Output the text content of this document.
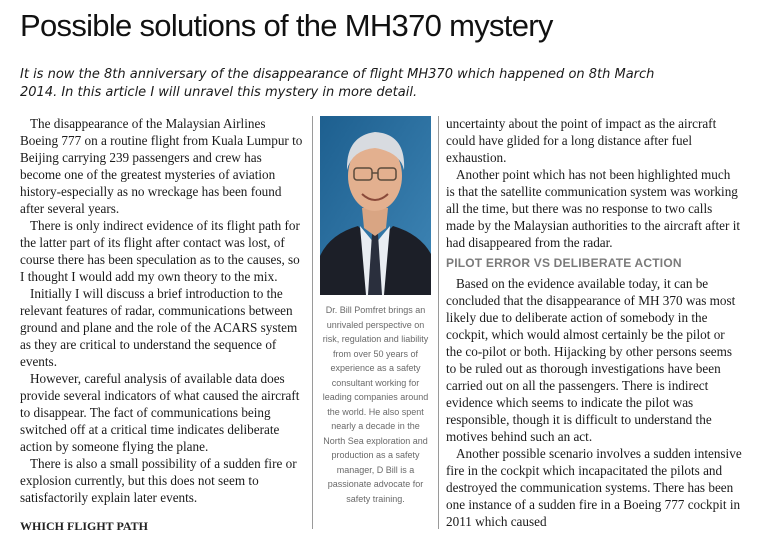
Possible solutions of the MH370 mystery
It is now the 8th anniversary of the disappearance of flight MH370 which happened on 8th March 2014. In this article I will unravel this mystery in more detail.

The disappearance of the Malaysian Airlines Boeing 777 on a routine flight from Kuala Lumpur to Beijing carrying 239 passengers and crew has become one of the greatest mysteries of aviation history-especially as no wreckage has been found after several years.

There is only indirect evidence of its flight path for the latter part of its flight after contact was lost, of course there has been speculation as to the causes, so I thought I would add my own theory to the mix.

Initially I will discuss a brief introduction to the relevant features of radar, communications between ground and plane and the role of the ACARS system as they are critical to understand the sequence of events.

However, careful analysis of available data does provide several indicators of what caused the aircraft to disappear. The fact of communications being switched off at a critical time indicates deliberate action by someone flying the plane.

There is also a small possibility of a sudden fire or explosion currently, but this does not seem to satisfactorily explain later events.

WHICH FLIGHT PATH
Dr. Bill Pomfret brings an unrivaled perspective on risk, regulation and liability from over 50 years of experience as a safety consultant working for leading companies around the world. He also spent nearly a decade in the North Sea exploration and production as a safety manager, D Bill is a passionate advocate for safety training.

uncertainty about the point of impact as the aircraft could have glided for a long distance after fuel exhaustion.

Another point which has not been highlighted much is that the satellite communication system was working all the time, but there was no response to two calls made by the Malaysian authorities to the aircraft after it had disappeared from the radar.

PILOT ERROR VS DELIBERATE ACTION

Based on the evidence available today, it can be concluded that the disappearance of MH 370 was most likely due to deliberate action of somebody in the cockpit, which would almost certainly be the pilot or the co-pilot or both. Hijacking by other persons seems to be ruled out as thorough investigations have been carried out on all the passengers. There is indirect evidence which seems to indicate the pilot was responsible, though it is difficult to understand the motives behind such an act.

Another possible scenario involves a sudden intensive fire in the cockpit which incapacitated the pilots and destroyed the communication systems. There has been one instance of a sudden fire in a Boeing 777 cockpit in 2011 which caused
